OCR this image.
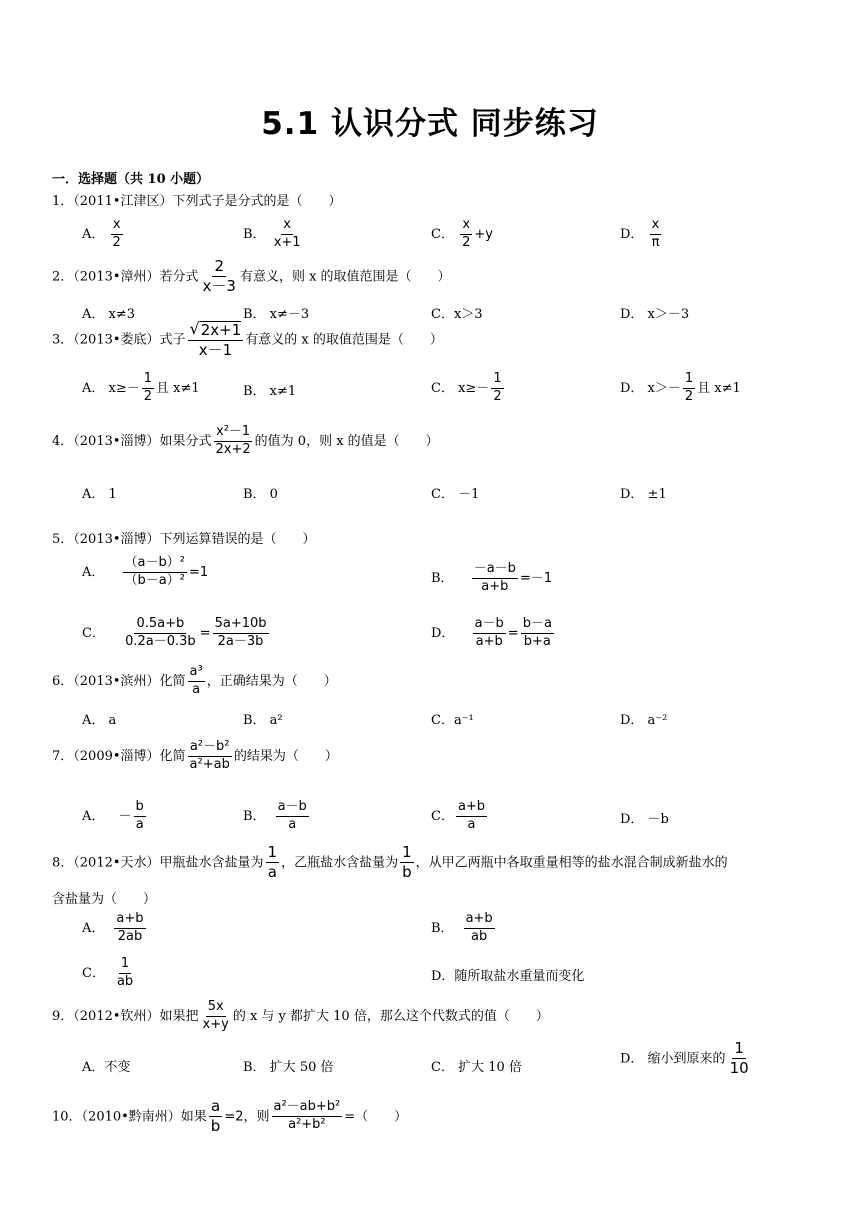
5.1 认识分式 同步练习
一．选择题（共 10 小题）
1．（2011•江津区）下列式子是分式的是（　　）
A． $\frac{x}{2}$	B． $\frac{x}{x+1}$	C． $\frac{x}{2} +y$	D． $\frac{x}{\pi}$
2．（2013•漳州）若分式 $\frac{2}{x-3}$ 有意义，则 x 的取值范围是（　　）
A． x≠3	B． x≠－3	C．x＞3	D． x＞－3
3．（2013•娄底）式子 $\frac{√2x+1}{x-1}$ 有意义的 x 的取值范围是（　　）
A． $x\ge- \frac{1}{2}$ 且 x≠1	B． x≠1	C． $x\ge- \frac{1}{2}$	D． $x>- \frac{1}{2}$ 且 x≠1
4．（2013•淄博）如果分式 $\frac{\text{x²－1}}{2x+2}$ 的值为 0，则 x 的值是（　　）
A． 1	B． 0	C． －1	D． ±1
5．（2013•淄博）下列运算错误的是（　　）
A． $\frac{\text{（a－b）²}}{\text{（b－a）²}} =1$	B． $\frac{-a-b}{a+b} =-1$
C． $\frac{0.5a+b}{0.2a-0.3b} = \frac{5a+10b}{2a-3b}$	D． $\frac{a-b}{a+b} = \frac{b-a}{b+a}$
6．（2013•滨州）化简 $\frac{\text{a³}}{a}$ ，正确结果为（　　）
A． a	B． a²	C．a⁻¹	D． a⁻²
7．（2009•淄博）化简 $\frac{\text{a²－b²}}{\text{a²+ab}}$ 的结果为（　　）
A． － $\frac{b}{a}$	B． $\frac{a-b}{a}$	C． $\frac{a+b}{a}$	D． －b
8．（2012•天水）甲瓶盐水含盐量为 $\frac{1}{a}$ ，乙瓶盐水含盐量为 $\frac{1}{b}$ ，从甲乙两瓶中各取重量相等的盐水混合制成新盐水的
含盐量为（　　）
A． $\frac{a+b}{2ab}$	B． $\frac{a+b}{ab}$
C． $\frac{1}{ab}$	D．随所取盐水重量而变化
9．（2012•钦州）如果把 $\frac{5x}{x+y}$ 的 x 与 y 都扩大 10 倍，那么这个代数式的值（　　）
A．不变	B． 扩大 50 倍	C． 扩大 10 倍
D． 缩小到原来的 $\frac{1}{10}$
10．（2010•黔南州）如果 $\frac{a}{b} =2$，则 $\frac{\text{a²－ab+b²}}{\text{a²+b²}}$ =（　　）
